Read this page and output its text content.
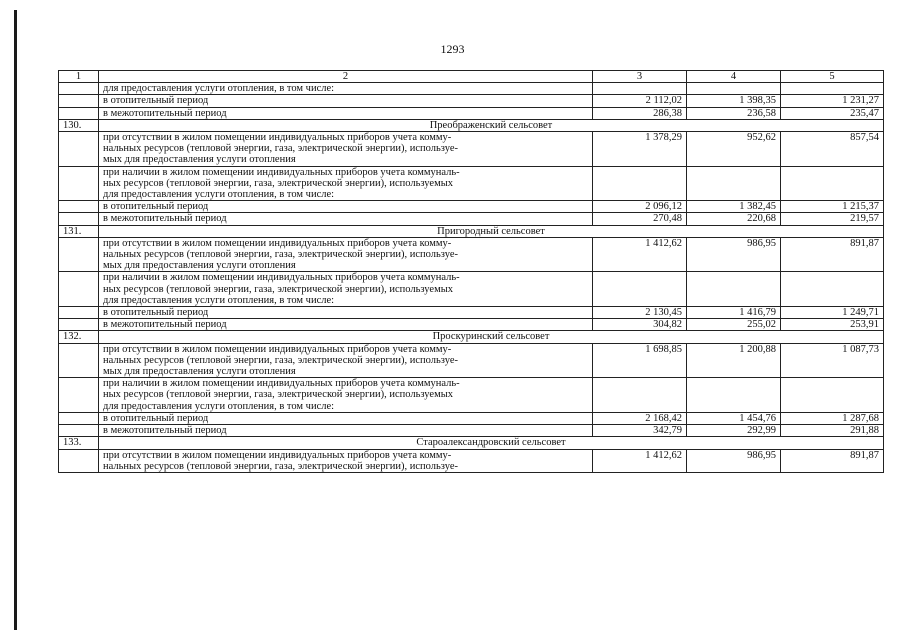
1293
1	2	3	4	5
	для предоставления услуги отопления, в том числе:			
	в отопительный период	2 112,02	1 398,35	1 231,27
	в межотопительный период	286,38	236,58	235,47
130.	Преображенский сельсовет			
	при отсутствии в жилом помещении индивидуальных приборов учета комму-
нальных ресурсов (тепловой энергии, газа, электрической энергии), используе-
мых для предоставления услуги отопления	1 378,29	952,62	857,54
	при наличии в жилом помещении индивидуальных приборов учета коммуналь-
ных ресурсов (тепловой энергии, газа, электрической энергии), используемых
для предоставления услуги отопления, в том числе:			
	в отопительный период	2 096,12	1 382,45	1 215,37
	в межотопительный период	270,48	220,68	219,57
131.	Пригородный сельсовет			
	при отсутствии в жилом помещении индивидуальных приборов учета комму-
нальных ресурсов (тепловой энергии, газа, электрической энергии), используе-
мых для предоставления услуги отопления	1 412,62	986,95	891,87
	при наличии в жилом помещении индивидуальных приборов учета коммуналь-
ных ресурсов (тепловой энергии, газа, электрической энергии), используемых
для предоставления услуги отопления, в том числе:			
	в отопительный период	2 130,45	1 416,79	1 249,71
	в межотопительный период	304,82	255,02	253,91
132.	Проскуринский сельсовет			
	при отсутствии в жилом помещении индивидуальных приборов учета комму-
нальных ресурсов (тепловой энергии, газа, электрической энергии), используе-
мых для предоставления услуги отопления	1 698,85	1 200,88	1 087,73
	при наличии в жилом помещении индивидуальных приборов учета коммуналь-
ных ресурсов (тепловой энергии, газа, электрической энергии), используемых
для предоставления услуги отопления, в том числе:			
	в отопительный период	2 168,42	1 454,76	1 287,68
	в межотопительный период	342,79	292,99	291,88
133.	Староалександровский сельсовет			
	при отсутствии в жилом помещении индивидуальных приборов учета комму-
нальных ресурсов (тепловой энергии, газа, электрической энергии), используе-	1 412,62	986,95	891,87
